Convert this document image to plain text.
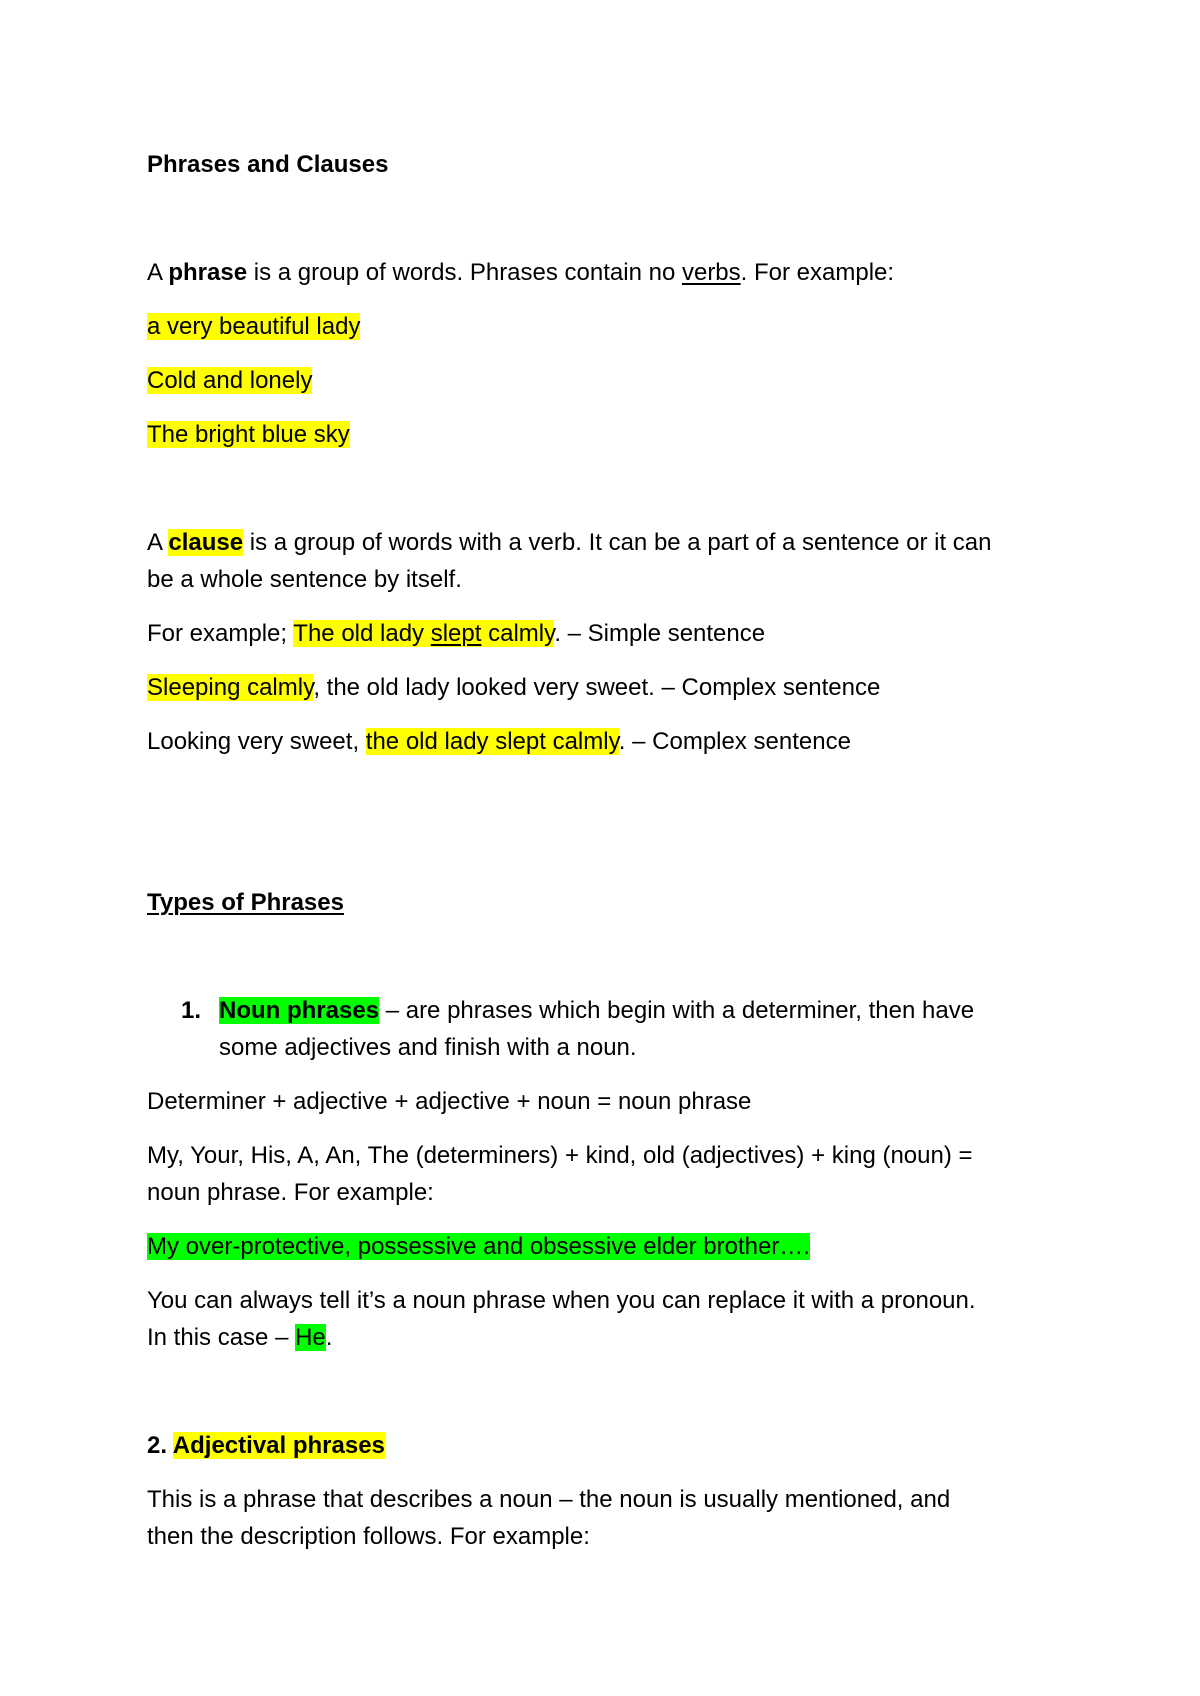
Phrases and Clauses
A phrase is a group of words. Phrases contain no verbs. For example:
a very beautiful lady
Cold and lonely
The bright blue sky
A clause is a group of words with a verb. It can be a part of a sentence or it can
be a whole sentence by itself.
For example; The old lady slept calmly. – Simple sentence
Sleeping calmly, the old lady looked very sweet. – Complex sentence
Looking very sweet, the old lady slept calmly. – Complex sentence
Types of Phrases
1. Noun phrases – are phrases which begin with a determiner, then have
some adjectives and finish with a noun.
Determiner + adjective + adjective + noun = noun phrase
My, Your, His, A, An, The (determiners) + kind, old (adjectives) + king (noun) =
noun phrase. For example:
My over-protective, possessive and obsessive elder brother….
You can always tell it’s a noun phrase when you can replace it with a pronoun.
In this case – He.
2. Adjectival phrases
This is a phrase that describes a noun – the noun is usually mentioned, and
then the description follows. For example:
